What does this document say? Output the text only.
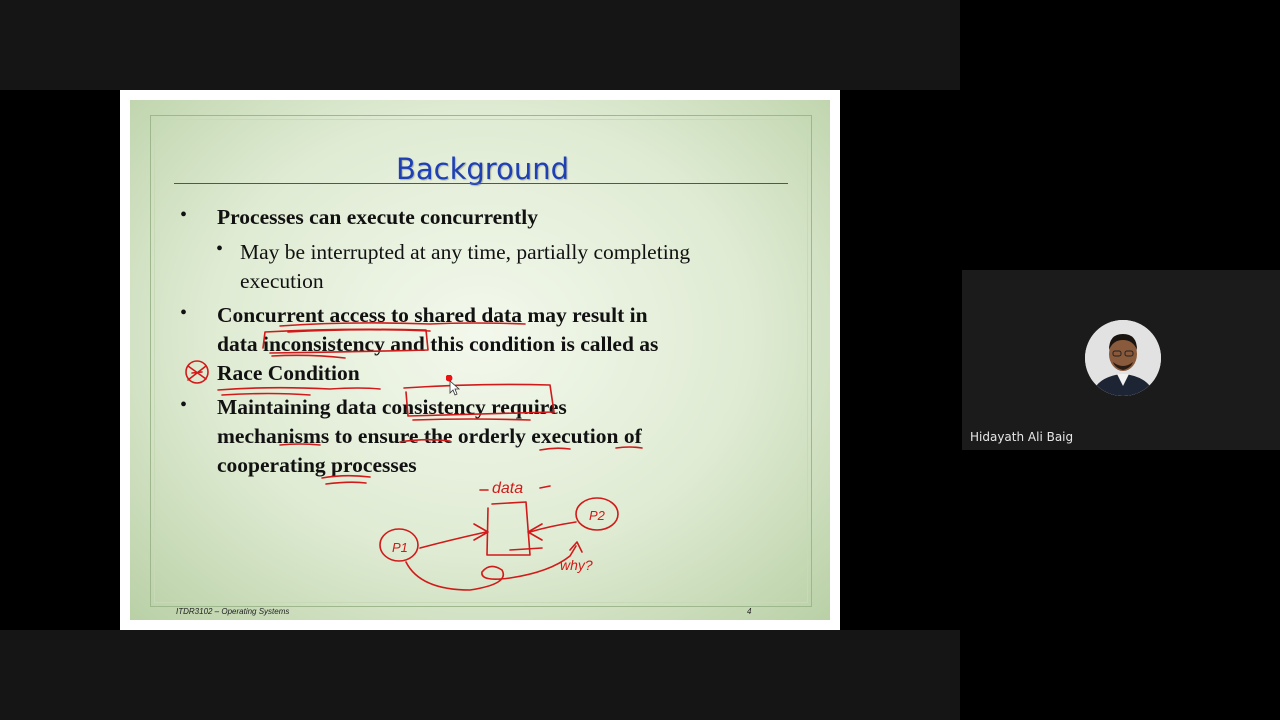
Background
• Processes can execute concurrently
• May be interrupted at any time, partially completing
execution
• Concurrent access to shared data may result in
data inconsistency and this condition is called as
Race Condition
• Maintaining data consistency requires
mechanisms to ensure the orderly execution of
cooperating processes
ITDR3102 – Operating Systems	4
data
P1
P2
why?
Hidayath Ali Baig
